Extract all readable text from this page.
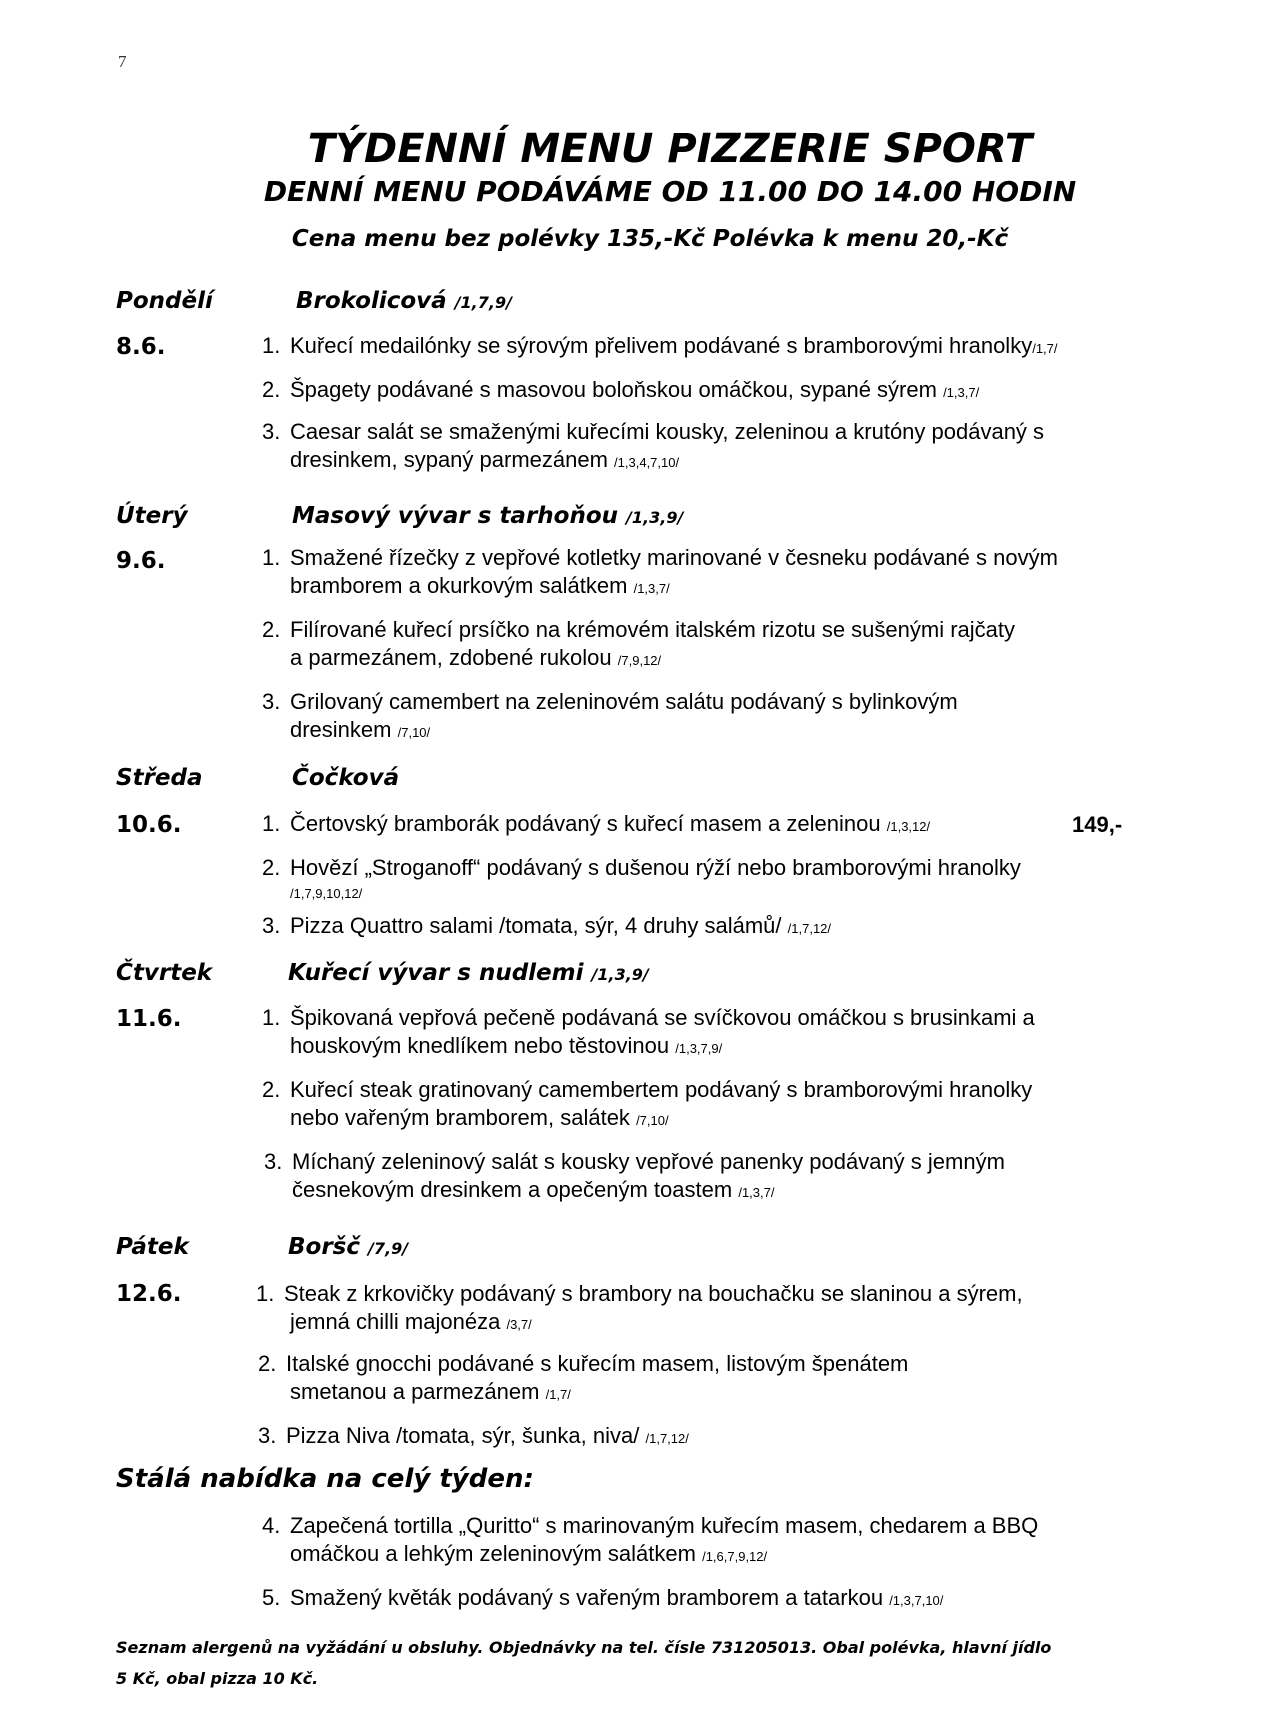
7
TÝDENNÍ MENU PIZZERIE SPORT
DENNÍ MENU PODÁVÁME OD 11.00 DO 14.00 HODIN
Cena menu bez polévky 135,-Kč Polévka k menu 20,-Kč
Pondělí	Brokolicová /1,7,9/
8.6.	1. Kuřecí medailónky se sýrovým přelivem podávané s bramborovými hranolky/1,7/
2. Špagety podávané s masovou boloňskou omáčkou, sypané sýrem /1,3,7/
3. Caesar salát se smaženými kuřecími kousky, zeleninou a krutóny podávaný s
dresinkem, sypaný parmezánem /1,3,4,7,10/
Úterý	Masový vývar s tarhoňou /1,3,9/
9.6.	1. Smažené řízečky z vepřové kotletky marinované v česneku podávané s novým
bramborem a okurkovým salátkem /1,3,7/
2. Filírované kuřecí prsíčko na krémovém italském rizotu se sušenými rajčaty
a parmezánem, zdobené rukolou /7,9,12/
3. Grilovaný camembert na zeleninovém salátu podávaný s bylinkovým
dresinkem /7,10/
Středa	Čočková
10.6.	1. Čertovský bramborák podávaný s kuřecí masem a zeleninou /1,3,12/	149,-
2. Hovězí „Stroganoff“ podávaný s dušenou rýží nebo bramborovými hranolky
/1,7,9,10,12/
3. Pizza Quattro salami /tomata, sýr, 4 druhy salámů/ /1,7,12/
Čtvrtek	Kuřecí vývar s nudlemi /1,3,9/
11.6.	1. Špikovaná vepřová pečeně podávaná se svíčkovou omáčkou s brusinkami a
houskovým knedlíkem nebo těstovinou /1,3,7,9/
2. Kuřecí steak gratinovaný camembertem podávaný s bramborovými hranolky
nebo vařeným bramborem, salátek /7,10/
3. Míchaný zeleninový salát s kousky vepřové panenky podávaný s jemným
česnekovým dresinkem a opečeným toastem /1,3,7/
Pátek	Boršč /7,9/
12.6.	1. Steak z krkovičky podávaný s brambory na bouchačku se slaninou a sýrem,
jemná chilli majonéza /3,7/
2. Italské gnocchi podávané s kuřecím masem, listovým špenátem
smetanou a parmezánem /1,7/
3. Pizza Niva /tomata, sýr, šunka, niva/ /1,7,12/
Stálá nabídka na celý týden:
4. Zapečená tortilla „Quritto“ s marinovaným kuřecím masem, chedarem a BBQ
omáčkou a lehkým zeleninovým salátkem /1,6,7,9,12/
5. Smažený květák podávaný s vařeným bramborem a tatarkou /1,3,7,10/
Seznam alergenů na vyžádání u obsluhy. Objednávky na tel. čísle 731205013. Obal polévka, hlavní jídlo
5 Kč, obal pizza 10 Kč.
